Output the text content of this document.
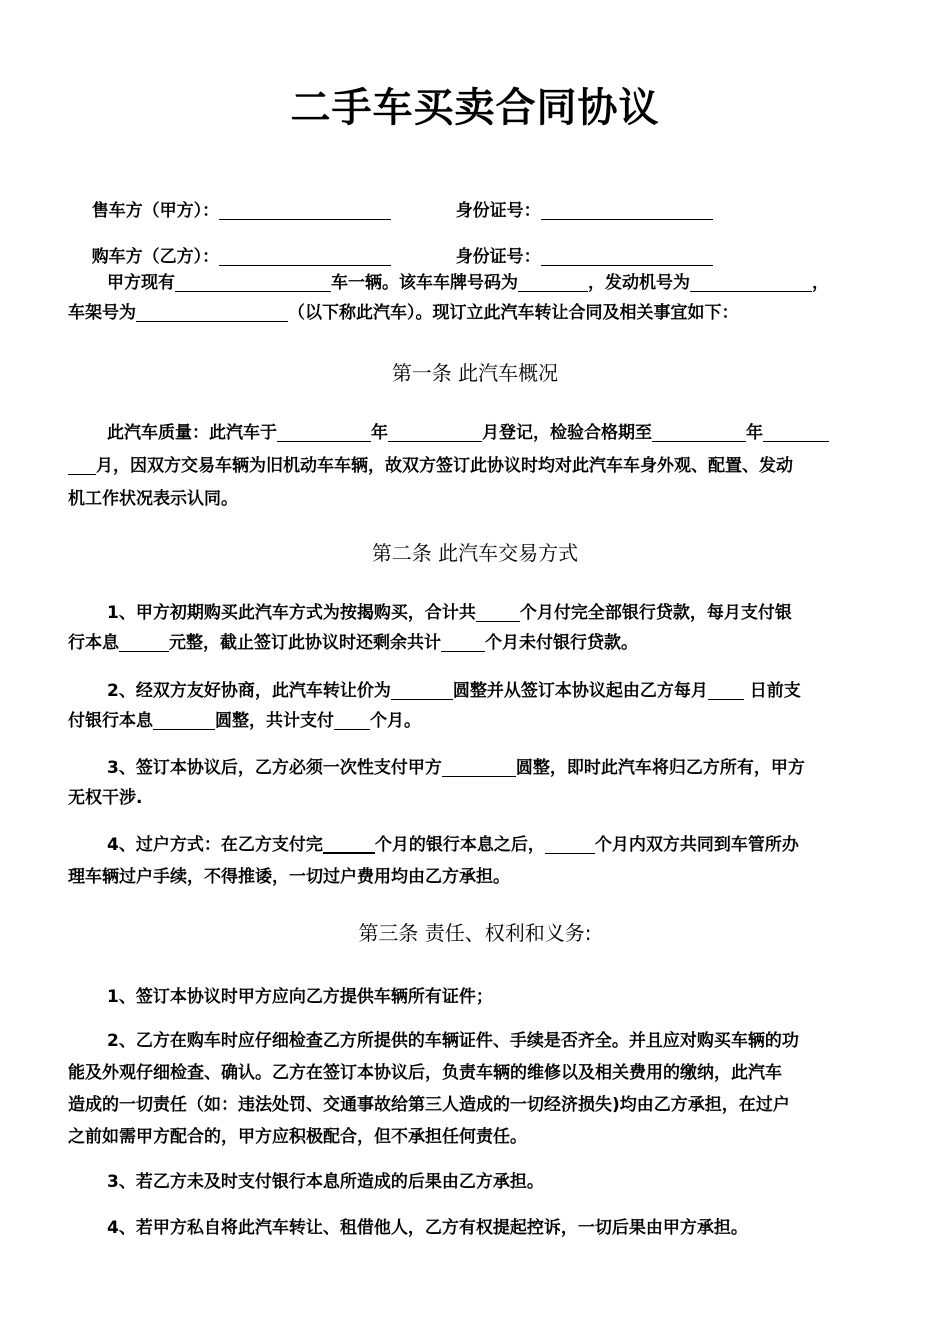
二手车买卖合同协议

售车方（甲方）：
	身份证号：

购车方（乙方）：
	身份证号：

甲方现有	车一辆。该车车牌号码为	，发动机号为	，
车架号为	（以下称此汽车）。现订立此汽车转让合同及相关事宜如下：
第一条 此汽车概况
此汽车质量：此汽车于	年	月登记，检验合格期至	年
月，因双方交易车辆为旧机动车车辆，故双方签订此协议时均对此汽车车身外观、配置、发动
机工作状况表示认同。
第二条 此汽车交易方式
1、甲方初期购买此汽车方式为按揭购买，合计共	个月付完全部银行贷款，每月支付银
行本息	元整，截止签订此协议时还剩余共计	个月未付银行贷款。
2、经双方友好协商，此汽车转让价为	圆整并从签订本协议起由乙方每月 日前支
付银行本息	圆整，共计支付 个月。
3、签订本协议后，乙方必须一次性支付甲方	圆整，即时此汽车将归乙方所有，甲方
无权干涉.
4、过户方式：在乙方支付完	个月的银行本息之后，	个月内双方共同到车管所办
理车辆过户手续，不得推诿，一切过户费用均由乙方承担。
第三条 责任、权利和义务:
1、签订本协议时甲方应向乙方提供车辆所有证件；
2、乙方在购车时应仔细检查乙方所提供的车辆证件、手续是否齐全。并且应对购买车辆的功
能及外观仔细检查、确认。乙方在签订本协议后，负责车辆的维修以及相关费用的缴纳，此汽车
造成的一切责任（如：违法处罚、交通事故给第三人造成的一切经济损失)均由乙方承担，在过户
之前如需甲方配合的，甲方应积极配合，但不承担任何责任。
3、若乙方未及时支付银行本息所造成的后果由乙方承担。
4、若甲方私自将此汽车转让、租借他人，乙方有权提起控诉，一切后果由甲方承担。
